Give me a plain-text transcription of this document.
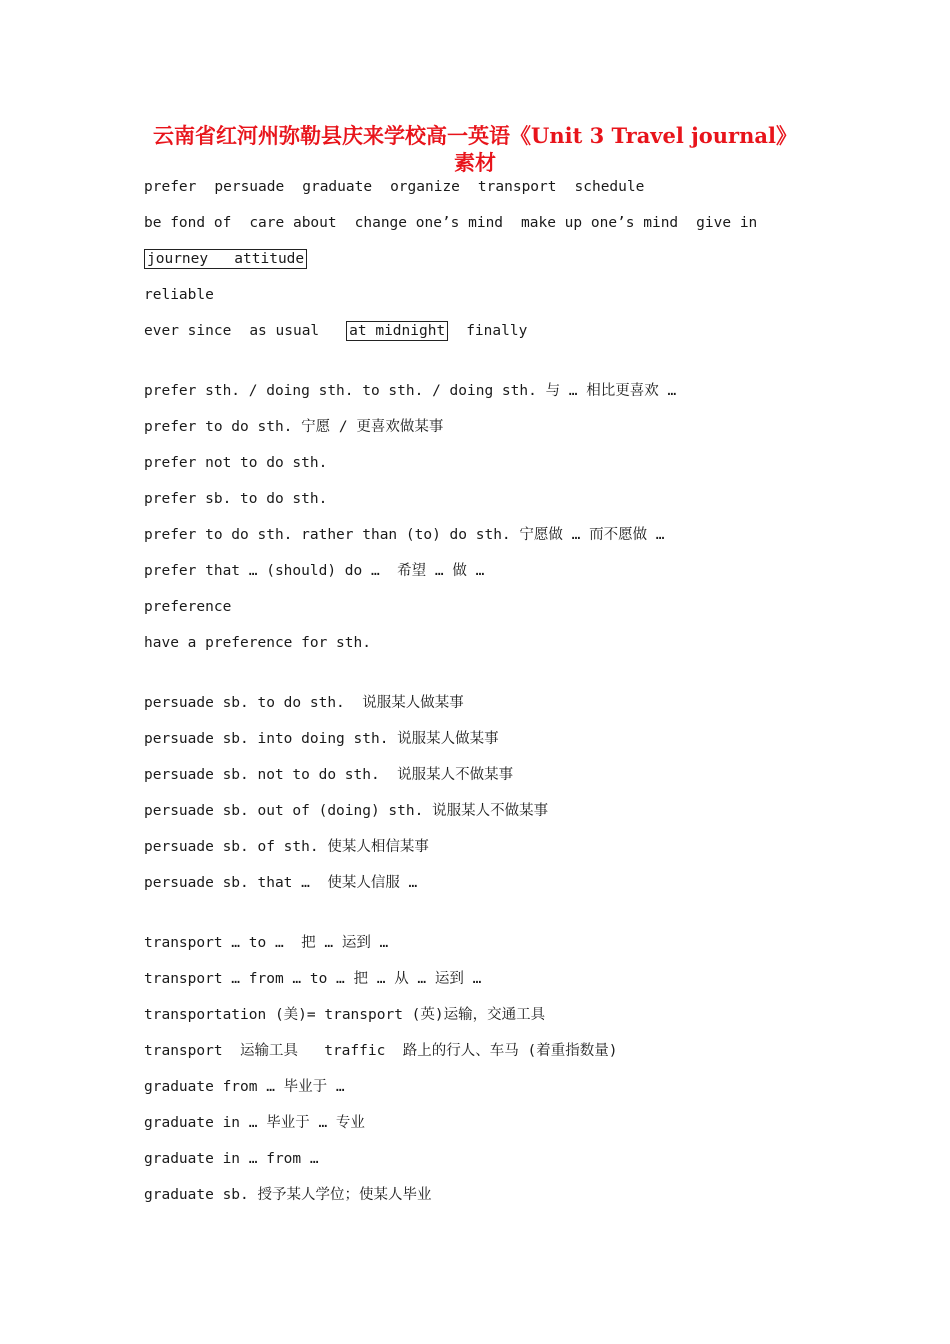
云南省红河州弥勒县庆来学校高一英语《Unit 3 Travel journal》
素材
prefer persuade graduate organize transport schedule
be fond of care about change one’s mind make up one’s mind give in
journey   attitude
reliable
ever since as usual at midnight finally
prefer sth. / doing sth. to sth. / doing sth. 与 … 相比更喜欢 …
prefer to do sth. 宁愿 / 更喜欢做某事
prefer not to do sth.
prefer sb. to do sth.
prefer to do sth. rather than (to) do sth. 宁愿做 … 而不愿做 …
prefer that … (should) do …  希望 … 做 …
preference
have a preference for sth.
persuade sb. to do sth.  说服某人做某事
persuade sb. into doing sth. 说服某人做某事
persuade sb. not to do sth.  说服某人不做某事
persuade sb. out of (doing) sth. 说服某人不做某事
persuade sb. of sth. 使某人相信某事
persuade sb. that …  使某人信服 …
transport … to …  把 … 运到 …
transport … from … to … 把 … 从 … 运到 …
transportation (美)= transport (英)运输，交通工具
transport  运输工具   traffic  路上的行人、车马 (着重指数量)
graduate from … 毕业于 …
graduate in … 毕业于 … 专业
graduate in … from …
graduate sb. 授予某人学位；使某人毕业
